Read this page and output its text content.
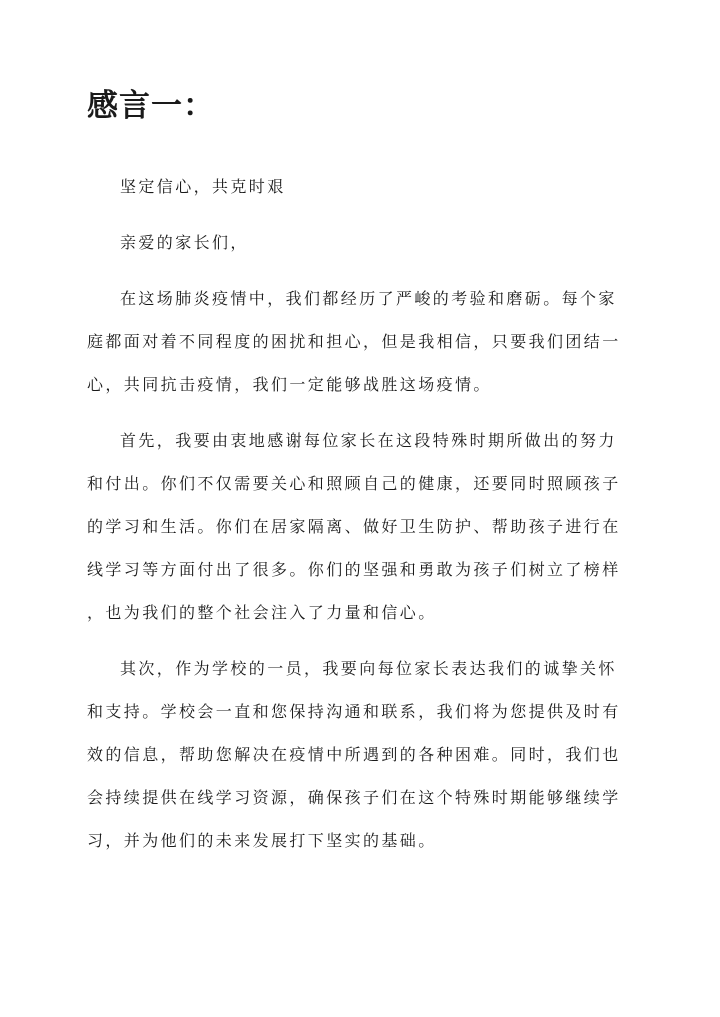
感言一：

坚定信心，共克时艰

亲爱的家长们，

在这场肺炎疫情中，我们都经历了严峻的考验和磨砺。每个家

庭都面对着不同程度的困扰和担心，但是我相信，只要我们团结一

心，共同抗击疫情，我们一定能够战胜这场疫情。

首先，我要由衷地感谢每位家长在这段特殊时期所做出的努力

和付出。你们不仅需要关心和照顾自己的健康，还要同时照顾孩子

的学习和生活。你们在居家隔离、做好卫生防护、帮助孩子进行在

线学习等方面付出了很多。你们的坚强和勇敢为孩子们树立了榜样

，也为我们的整个社会注入了力量和信心。

其次，作为学校的一员，我要向每位家长表达我们的诚挚关怀

和支持。学校会一直和您保持沟通和联系，我们将为您提供及时有

效的信息，帮助您解决在疫情中所遇到的各种困难。同时，我们也

会持续提供在线学习资源，确保孩子们在这个特殊时期能够继续学

习，并为他们的未来发展打下坚实的基础。
